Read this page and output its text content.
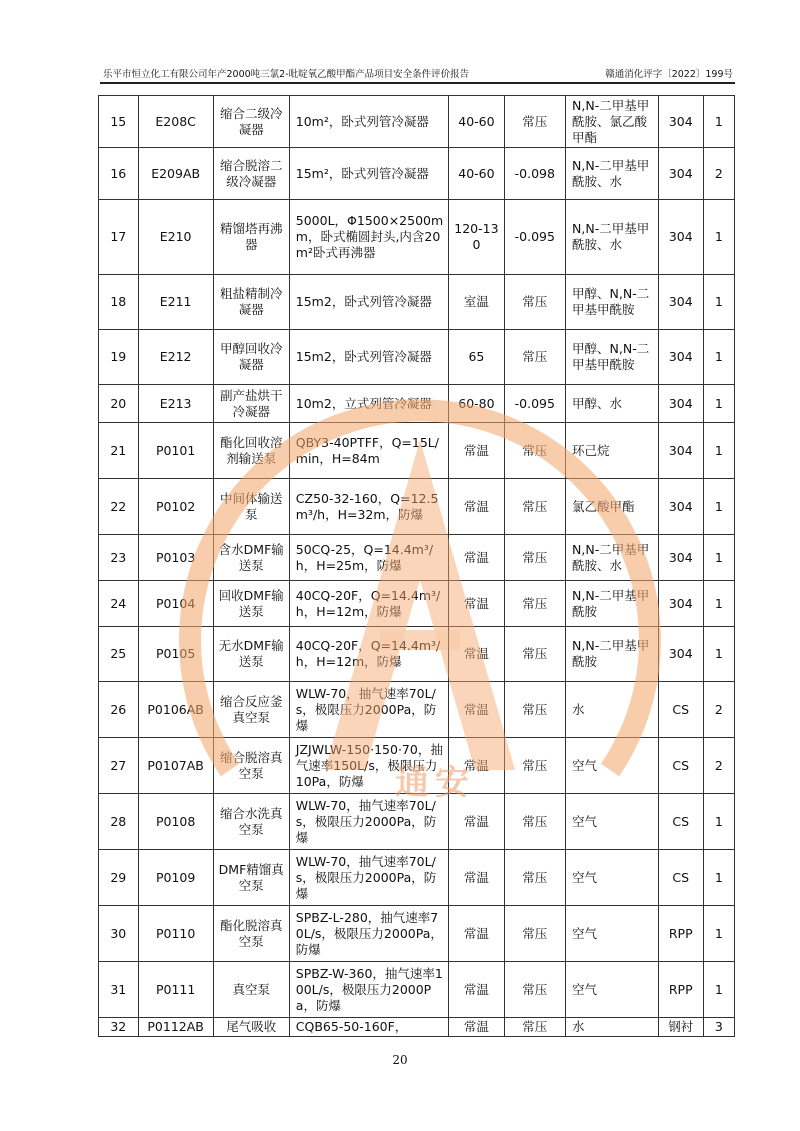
乐平市恒立化工有限公司年产2000吨三氯2-吡啶氧乙酸甲酯产品项目安全条件评价报告	赣通消化评字〔2022〕199号
15	E208C	缩合二级冷凝器	10m²，卧式列管冷凝器	40-60	常压	N,N-二甲基甲酰胺、氯乙酸甲酯	304	1
16	E209AB	缩合脱溶二级冷凝器	15m²，卧式列管冷凝器	40-60	-0.098	N,N-二甲基甲酰胺、水	304	2
17	E210	精馏塔再沸器	5000L，Φ1500×2500mm，卧式椭圆封头,内含20m²卧式再沸器	120-130	-0.095	N,N-二甲基甲酰胺、水	304	1
18	E211	粗盐精制冷凝器	15m2，卧式列管冷凝器	室温	常压	甲醇、N,N-二甲基甲酰胺	304	1
19	E212	甲醇回收冷凝器	15m2，卧式列管冷凝器	65	常压	甲醇、N,N-二甲基甲酰胺	304	1
20	E213	副产盐烘干冷凝器	10m2，立式列管冷凝器	60-80	-0.095	甲醇、水	304	1
21	P0101	酯化回收溶剂输送泵	QBY3-40PTFF，Q=15L/min，H=84m	常温	常压	环己烷	304	1
22	P0102	中间体输送泵	CZ50-32-160，Q=12.5m³/h，H=32m，防爆	常温	常压	氯乙酸甲酯	304	1
23	P0103	含水DMF输送泵	50CQ-25，Q=14.4m³/h，H=25m，防爆	常温	常压	N,N-二甲基甲酰胺、水	304	1
24	P0104	回收DMF输送泵	40CQ-20F，Q=14.4m³/h，H=12m，防爆	常温	常压	N,N-二甲基甲酰胺	304	1
25	P0105	无水DMF输送泵	40CQ-20F，Q=14.4m³/h，H=12m，防爆	常温	常压	N,N-二甲基甲酰胺	304	1
26	P0106AB	缩合反应釜真空泵	WLW-70，抽气速率70L/s，极限压力2000Pa，防爆	常温	常压	水	CS	2
27	P0107AB	缩合脱溶真空泵	JZJWLW-150·150·70，抽气速率150L/s，极限压力10Pa，防爆	常温	常压	空气	CS	2
28	P0108	缩合水洗真空泵	WLW-70，抽气速率70L/s，极限压力2000Pa，防爆	常温	常压	空气	CS	1
29	P0109	DMF精馏真空泵	WLW-70，抽气速率70L/s，极限压力2000Pa，防爆	常温	常压	空气	CS	1
30	P0110	酯化脱溶真空泵	SPBZ-L-280，抽气速率70L/s，极限压力2000Pa，防爆	常温	常压	空气	RPP	1
31	P0111	真空泵	SPBZ-W-360，抽气速率100L/s，极限压力2000Pa，防爆	常温	常压	空气	RPP	1
32	P0112AB	尾气吸收	CQB65-50-160F，	常温	常压	水	钢衬	3
通安
20
